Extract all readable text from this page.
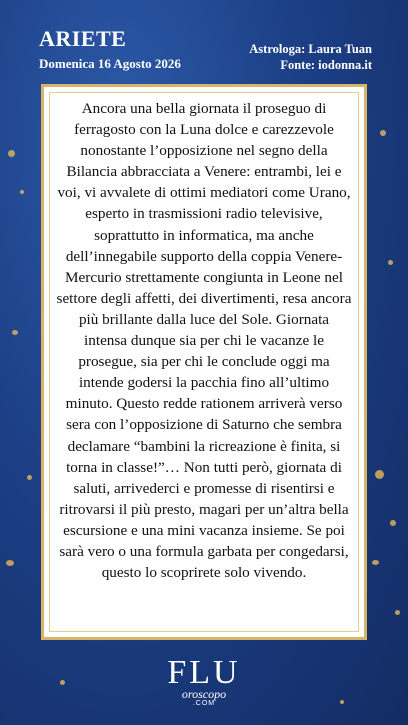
ARIETE
Domenica 16 Agosto 2026
Astrologa: Laura Tuan
Fonte: iodonna.it
Ancora una bella giornata il proseguo di ferragosto con la Luna dolce e carezzevole nonostante l’opposizione nel segno della Bilancia abbracciata a Venere: entrambi, lei e voi, vi avvalete di ottimi mediatori come Urano, esperto in trasmissioni radio televisive, soprattutto in informatica, ma anche dell’innegabile supporto della coppia Venere-Mercurio strettamente congiunta in Leone nel settore degli affetti, dei divertimenti, resa ancora più brillante dalla luce del Sole. Giornata intensa dunque sia per chi le vacanze le prosegue, sia per chi le conclude oggi ma intende godersi la pacchia fino all’ultimo minuto. Questo redde rationem arriverà verso sera con l’opposizione di Saturno che sembra declamare “bambini la ricreazione è finita, si torna in classe!”… Non tutti però, giornata di saluti, arrivederci e promesse di risentirsi e ritrovarsi il più presto, magari per un’altra bella escursione e una mini vacanza insieme. Se poi sarà vero o una formula garbata per congedarsi, questo lo scoprirete solo vivendo.
FLU
oroscopo
.COM
